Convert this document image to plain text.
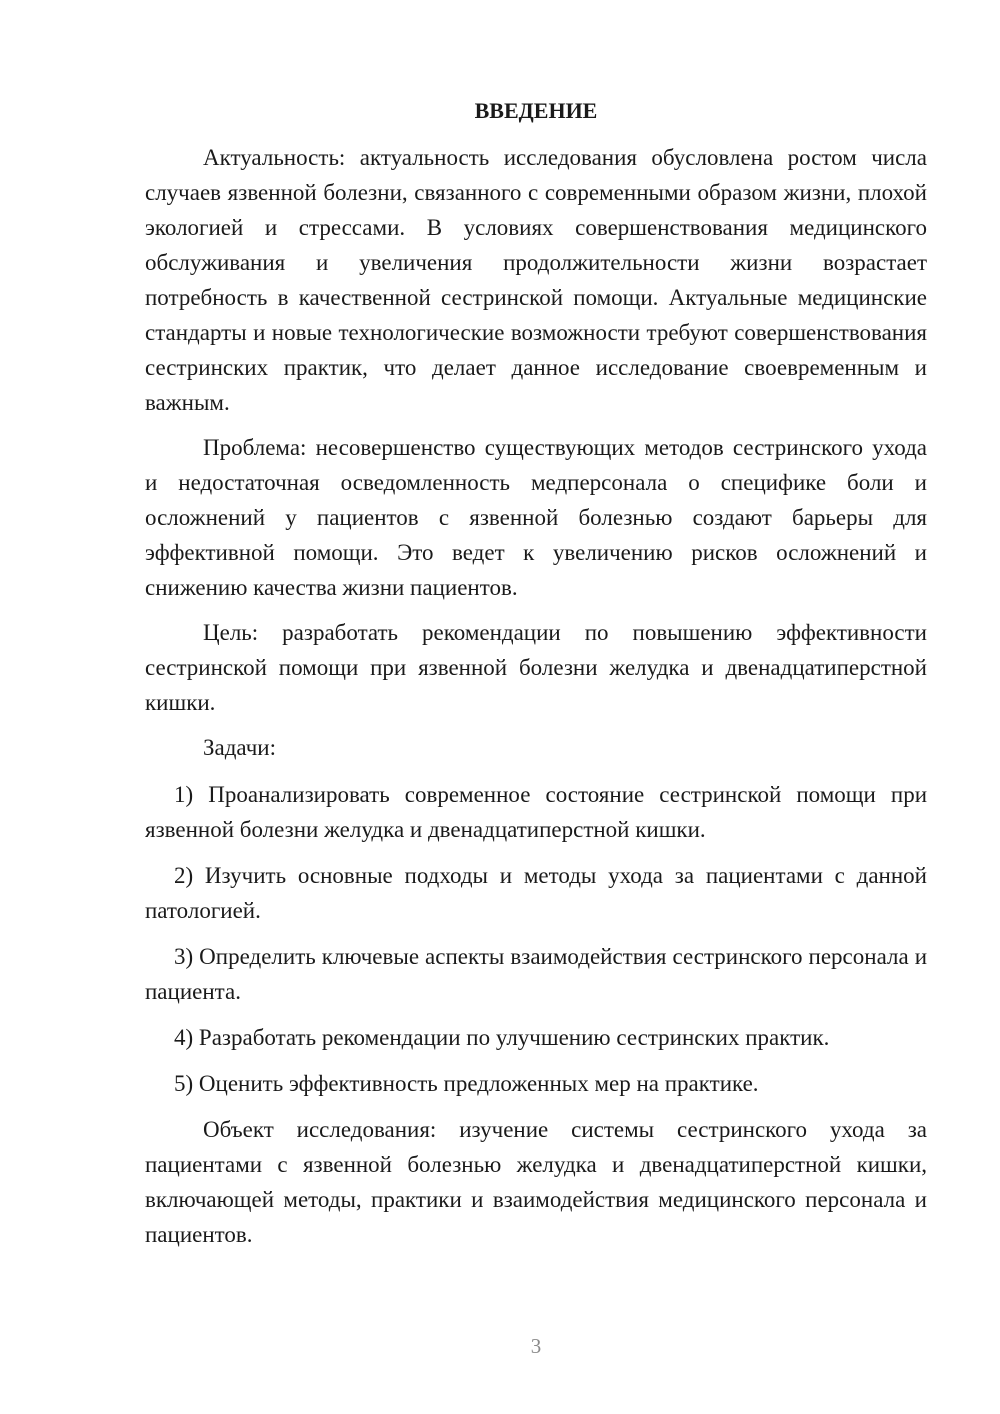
ВВЕДЕНИЕ

Актуальность: актуальность исследования обусловлена ростом числа случаев язвенной болезни, связанного с современными образом жизни, плохой экологией и стрессами. В условиях совершенствования медицинского обслуживания и увеличения продолжительности жизни возрастает потребность в качественной сестринской помощи. Актуальные медицинские стандарты и новые технологические возможности требуют совершенствования сестринских практик, что делает данное исследование своевременным и важным.

Проблема: несовершенство существующих методов сестринского ухода и недостаточная осведомленность медперсонала о специфике боли и осложнений у пациентов с язвенной болезнью создают барьеры для эффективной помощи. Это ведет к увеличению рисков осложнений и снижению качества жизни пациентов.

Цель: разработать рекомендации по повышению эффективности сестринской помощи при язвенной болезни желудка и двенадцатиперстной кишки.

Задачи:

1) Проанализировать современное состояние сестринской помощи при язвенной болезни желудка и двенадцатиперстной кишки.

2) Изучить основные подходы и методы ухода за пациентами с данной патологией.

3) Определить ключевые аспекты взаимодействия сестринского персонала и пациента.

4) Разработать рекомендации по улучшению сестринских практик.

5) Оценить эффективность предложенных мер на практике.

Объект исследования: изучение системы сестринского ухода за пациентами с язвенной болезнью желудка и двенадцатиперстной кишки, включающей методы, практики и взаимодействия медицинского персонала и пациентов.

3
